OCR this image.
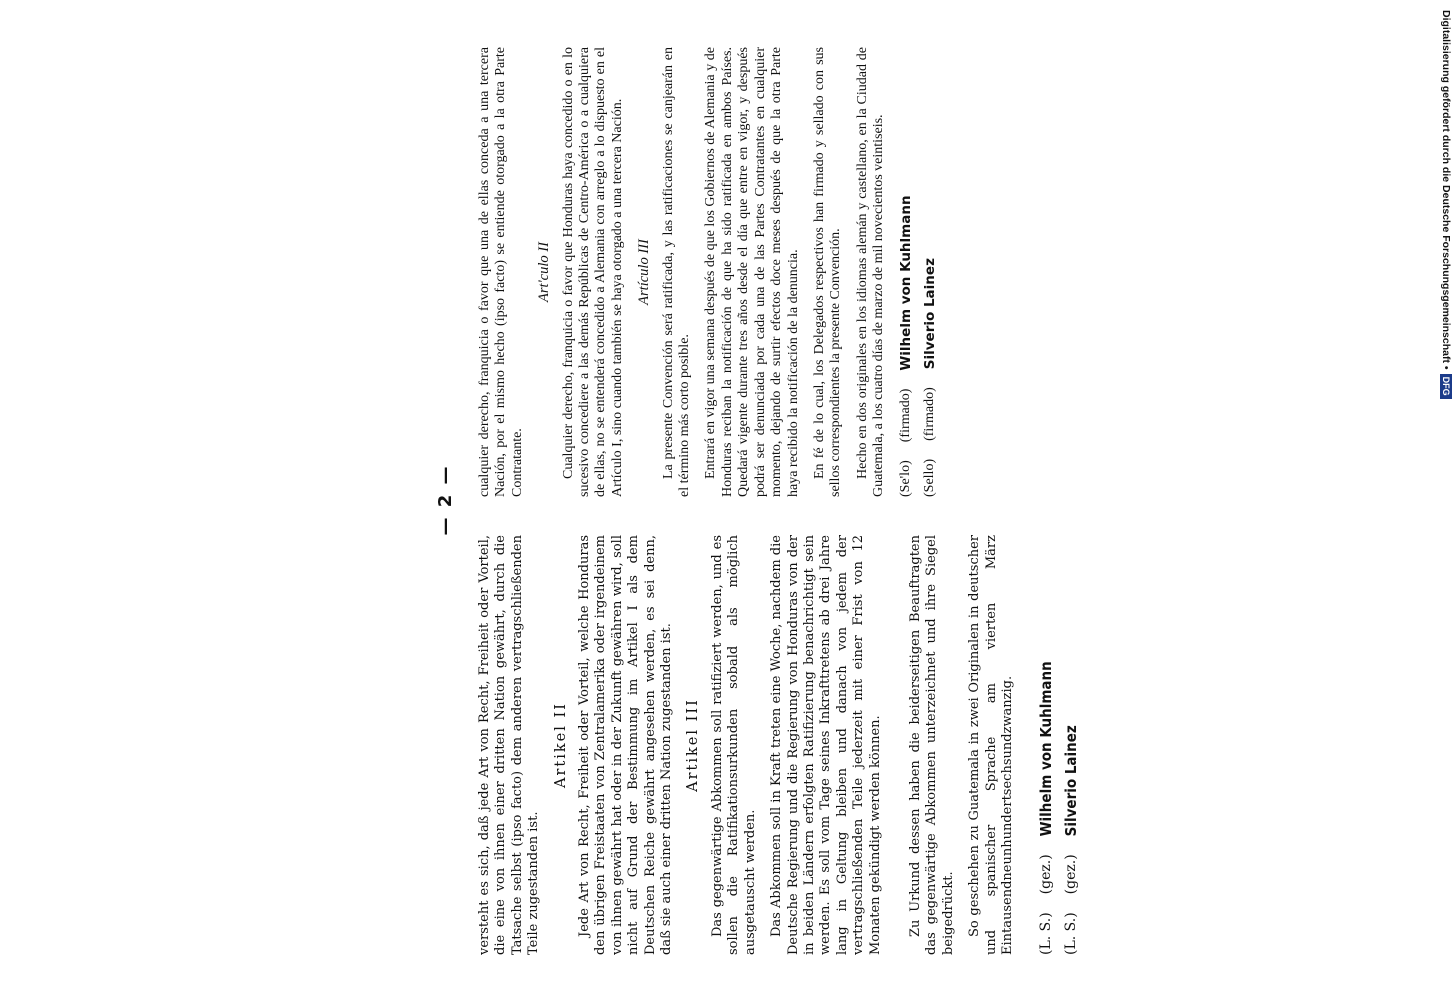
— 2 —

versteht es sich, daß jede Art von Recht, Freiheit oder Vorteil, die eine von ihnen einer dritten Nation gewährt, durch die Tatsache selbst (ipso facto) dem anderen vertragschließenden Teile zugestanden ist.

Artikel II Jede Art von Recht, Freiheit oder Vorteil, welche Honduras den übrigen Freistaaten von Zentralamerika oder irgendeinem von ihnen gewährt hat oder in der Zukunft gewähren wird, soll nicht auf Grund der Bestimmung im Artikel I als dem Deutschen Reiche gewährt angesehen werden, es sei denn, daß sie auch einer dritten Nation zugestanden ist. Artikel III Das gegenwärtige Abkommen soll ratifiziert werden, und es sollen die Ratifikationsurkunden sobald als möglich ausgetauscht werden. Das Abkommen soll in Kraft treten eine Woche, nachdem die Deutsche Regierung und die Regierung von Honduras von der in beiden Ländern erfolgten Ratifizierung benachrichtigt sein werden. Es soll vom Tage seines Inkrafttretens ab drei Jahre lang in Geltung bleiben und danach von jedem der vertragschließenden Teile jederzeit mit einer Frist von 12 Monaten gekündigt werden können. Zu Urkund dessen haben die beiderseitigen Beauftragten das gegenwärtige Abkommen unterzeichnet und ihre Siegel beigedrückt. So geschehen zu Guatemala in zwei Originalen in deutscher und spanischer Sprache am vierten März Eintausendneunhundertsechsundzwanzig. (L. S.)
(gez.)
Wilhelm von Kuhlmann
(L. S.)
(gez.)
Silverio Lainez

cualquier derecho, franquicia o favor que una de ellas conceda a una tercera Nación, por el mismo hecho (ipso facto) se entiende otorgado a la otra Parte Contratante.

Art'culo II Cualquier derecho, franquicia o favor que Honduras haya concedido o en lo sucesivo concediere a las demás Repúblicas de Centro-América o a cualquiera de ellas, no se entenderá concedido a Alemania con arreglo a lo dispuesto en el Artículo I, sino cuando también se haya otorgado a una tercera Nación. Artículo III La presente Convención será ratificada, y las ratificaciones se canjearán en el término más corto posible. Entrará en vigor una semana después de que los Gobiernos de Alemania y de Honduras reciban la notificación de que ha sido ratificada en ambos Países. Quedará vigente durante tres años desde el día que entre en vigor, y después podrá ser denunciada por cada una de las Partes Contratantes en cualquier momento, dejando de surtir efectos doce meses después de que la otra Parte haya recibido la notificación de la denuncia. En fé de lo cual, los Delegados respectivos han firmado y sellado con sus sellos correspondientes la presente Convención. Hecho en dos originales en los idiomas alemán y castellano, en la Ciudad de Guatemala, a los cuatro días de marzo de mil novecientos veintiseis. (Se'lo)
(firmado)
Wilhelm von Kuhlmann
(Sello)
(firmado)
Silverio Lainez	Digitalisierung gefördert durch die Deutsche Forschungsgemeinschaft •
DFG
